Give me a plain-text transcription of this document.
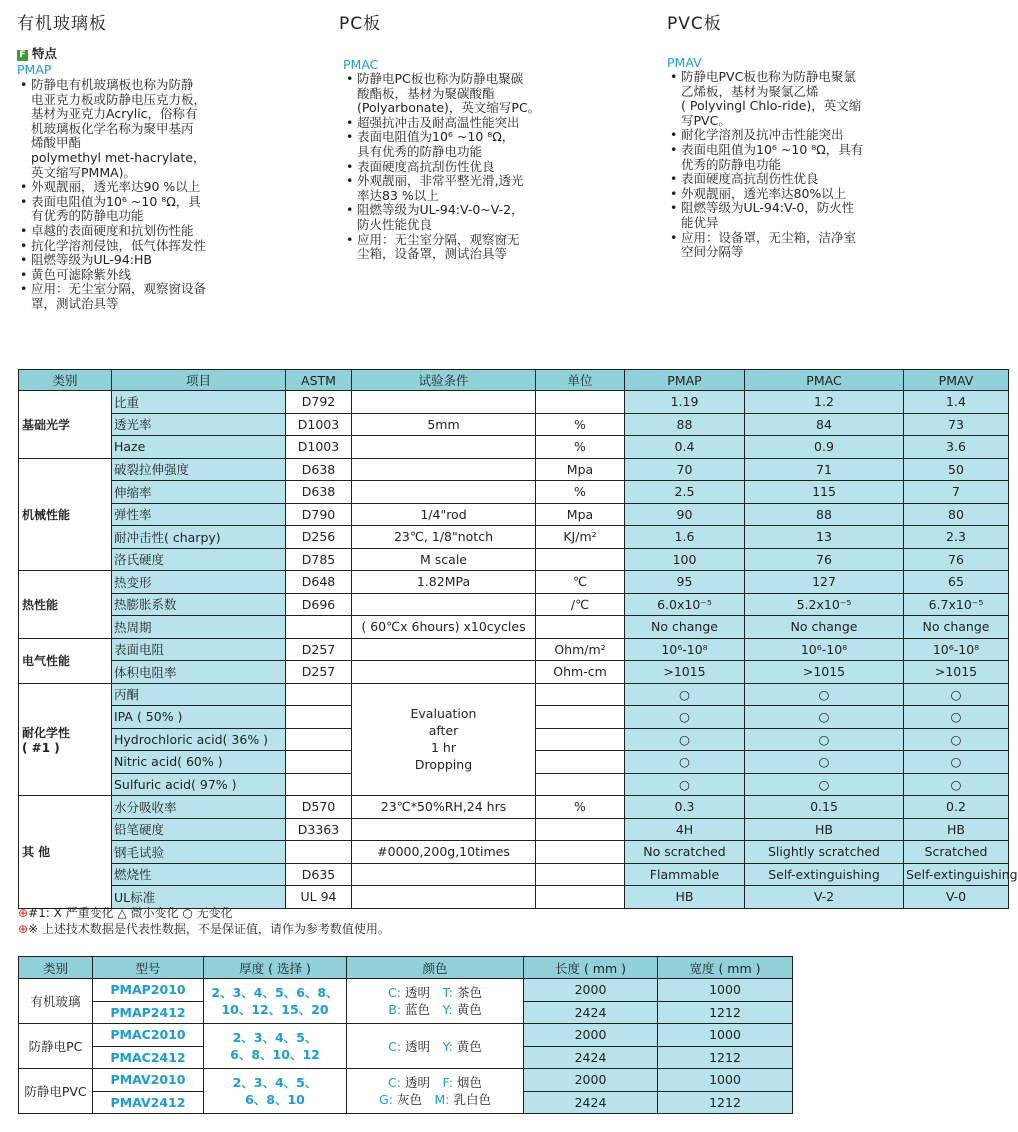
有机玻璃板
F 特点
PMAP
• 防静电有机玻璃板也称为防静
电亚克力板或防静电压克力板，
基材为亚克力Acrylic，俗称有
机玻璃板化学名称为聚甲基丙
烯酸甲酯
polymethyl met-hacrylate，
英文缩写PMMA)。
• 外观靓丽，透光率达90 %以上
• 表面电阻值为10⁶ ~10 ⁸Ω，具
有优秀的防静电功能
• 卓越的表面硬度和抗划伤性能
• 抗化学溶剂侵蚀，低气体挥发性
• 阻燃等级为UL-94:HB
• 黄色可滤除紫外线
• 应用：无尘室分隔，观察窗设备
罩，测试治具等
PC板
PMAC
• 防静电PC板也称为防静电聚碳
酸酯板，基材为聚碳酸酯
(Polyarbonate)，英文缩写PC。
• 超强抗冲击及耐高温性能突出
• 表面电阻值为10⁶ ~10 ⁸Ω，
具有优秀的防静电功能
• 表面硬度高抗刮伤性优良
• 外观靓丽，非常平整光滑,透光
率达83 %以上
• 阻燃等级为UL-94:V-0~V-2，
防火性能优良
• 应用：无尘室分隔，观察窗无
尘箱，设备罩，测试治具等
PVC板
PMAV
• 防静电PVC板也称为防静电聚氯
乙烯板，基材为聚氯乙烯
( Polyvingl Chlo-ride)，英文缩
写PVC。
• 耐化学溶剂及抗冲击性能突出
• 表面电阻值为10⁶ ~10 ⁸Ω，具有
优秀的防静电功能
• 表面硬度高抗刮伤性优良
• 外观靓丽，透光率达80%以上
• 阻燃等级为UL-94:V-0，防火性
能优异
• 应用：设备罩，无尘箱，洁净室
空间分隔等
类别	项目	ASTM	试验条件	单位	PMAP	PMAC	PMAV
基础光学	比重	D792			1.19	1.2	1.4
	透光率	D1003	5mm	%	88	84	73
	Haze	D1003		%	0.4	0.9	3.6
机械性能	破裂拉伸强度	D638		Mpa	70	71	50
	伸缩率	D638		%	2.5	115	7
	弹性率	D790	1/4"rod	Mpa	90	88	80
	耐冲击性( charpy)	D256	23℃, 1/8"notch	KJ/m²	1.6	13	2.3
	洛氏硬度	D785	M scale		100	76	76
热性能	热变形	D648	1.82MPa	℃	95	127	65
	热膨胀系数	D696		/℃	6.0x10⁻⁵	5.2x10⁻⁵	6.7x10⁻⁵
	热周期		( 60℃x 6hours) x10cycles		No change	No change	No change
电气性能	表面电阻	D257		Ohm/m²	10⁶-10⁸	10⁶-10⁸	10⁶-10⁸
	体积电阻率	D257		Ohm-cm	>1015	>1015	>1015
耐化学性
( #1 )	丙酮		Evaluation
after
1 hr
Dropping		○	○	○
	IPA ( 50% )				○	○	○
	Hydrochloric acid( 36% )				○	○	○
	Nitric acid( 60% )				○	○	○
	Sulfuric acid( 97% )				○	○	○
其 他	水分吸收率	D570	23℃*50%RH,24 hrs	%	0.3	0.15	0.2
	铅笔硬度	D3363			4H	HB	HB
	钢毛试验		#0000,200g,10times		No scratched	Slightly scratched	Scratched
	燃烧性	D635			Flammable	Self-extinguishing	Self-extinguishing
	UL标准	UL 94			HB	V-2	V-0
⊕#1: X 严重变化 △ 微小变化 ○ 无变化
⊕※ 上述技术数据是代表性数据，不是保证值，请作为参考数值使用。
类别	型号	厚度 ( 选择 )	颜色	长度 ( mm )	宽度 ( mm )
有机玻璃	PMAP2010	2、3、4、5、6、8、
10、12、15、20	C: 透明  T: 茶色
B: 蓝色  Y: 黄色	2000	1000
	PMAP2412			2424	1212
防静电PC	PMAC2010	2、3、4、5、
6、8、10、12	C: 透明  Y: 黄色	2000	1000
	PMAC2412			2424	1212
防静电PVC	PMAV2010	2、3、4、5、
6、8、10	C: 透明  F: 烟色
G: 灰色  M: 乳白色	2000	1000
	PMAV2412			2424	1212
